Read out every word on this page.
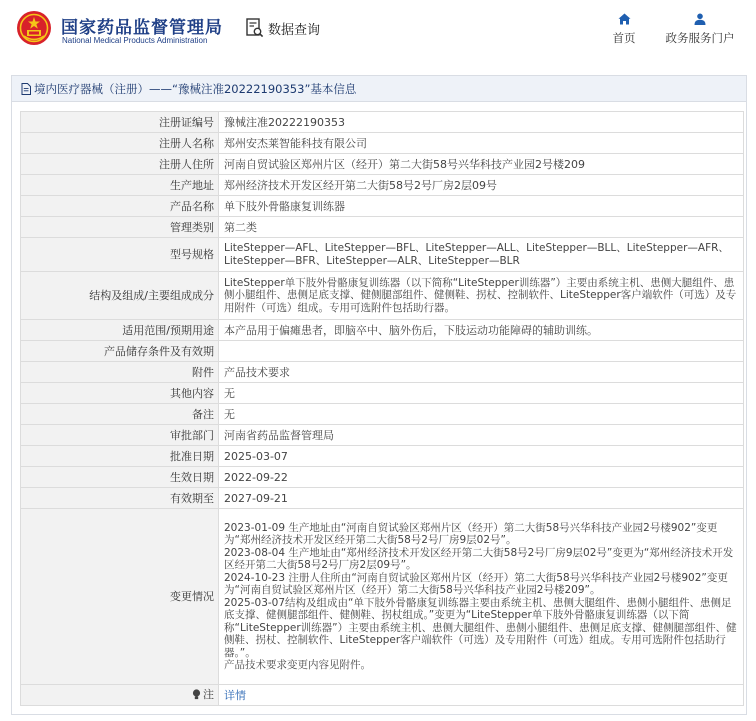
国家药品监督管理局
National Medical Products Administration
数据查询
首页	政务服务门户
境内医疗器械（注册）——“豫械注准20222190353”基本信息
注册证编号	豫械注准20222190353
注册人名称	郑州安杰莱智能科技有限公司
注册人住所	河南自贸试验区郑州片区（经开）第二大街58号兴华科技产业园2号楼209
生产地址	郑州经济技术开发区经开第二大街58号2号厂房2层09号
产品名称	单下肢外骨骼康复训练器
管理类别	第二类
型号规格	LiteStepper—AFL、LiteStepper—BFL、LiteStepper—ALL、LiteStepper—BLL、LiteStepper—AFR、LiteStepper—BFR、LiteStepper—ALR、LiteStepper—BLR
结构及组成/主要组成成分	LiteStepper单下肢外骨骼康复训练器（以下简称“LiteStepper训练器”）主要由系统主机、患侧大腿组件、患侧小腿组件、患侧足底支撑、健侧腿部组件、健侧鞋、拐杖、控制软件、LiteStepper客户端软件（可选）及专用附件（可选）组成。专用可选附件包括助行器。
适用范围/预期用途	本产品用于偏瘫患者，即脑卒中、脑外伤后，下肢运动功能障碍的辅助训练。
产品储存条件及有效期	
附件	产品技术要求
其他内容	无
备注	无
审批部门	河南省药品监督管理局
批准日期	2025-03-07
生效日期	2022-09-22
有效期至	2027-09-21
变更情况	2023-01-09 生产地址由“河南自贸试验区郑州片区（经开）第二大街58号兴华科技产业园2号楼902”变更为“郑州经济技术开发区经开第二大街58号2号厂房9层02号”。
2023-08-04 生产地址由“郑州经济技术开发区经开第二大街58号2号厂房9层02号”变更为“郑州经济技术开发区经开第二大街58号2号厂房2层09号”。
2024-10-23 注册人住所由“河南自贸试验区郑州片区（经开）第二大街58号兴华科技产业园2号楼902”变更为“河南自贸试验区郑州片区（经开）第二大街58号兴华科技产业园2号楼209”。
2025-03-07结构及组成由“单下肢外骨骼康复训练器主要由系统主机、患侧大腿组件、患侧小腿组件、患侧足底支撑、健侧腿部组件、健侧鞋、拐杖组成。”变更为“LiteStepper单下肢外骨骼康复训练器（以下简称“LiteStepper训练器”）主要由系统主机、患侧大腿组件、患侧小腿组件、患侧足底支撑、健侧腿部组件、健侧鞋、拐杖、控制软件、LiteStepper客户端软件（可选）及专用附件（可选）组成。专用可选附件包括助行器。”。
产品技术要求变更内容见附件。

注	详情
